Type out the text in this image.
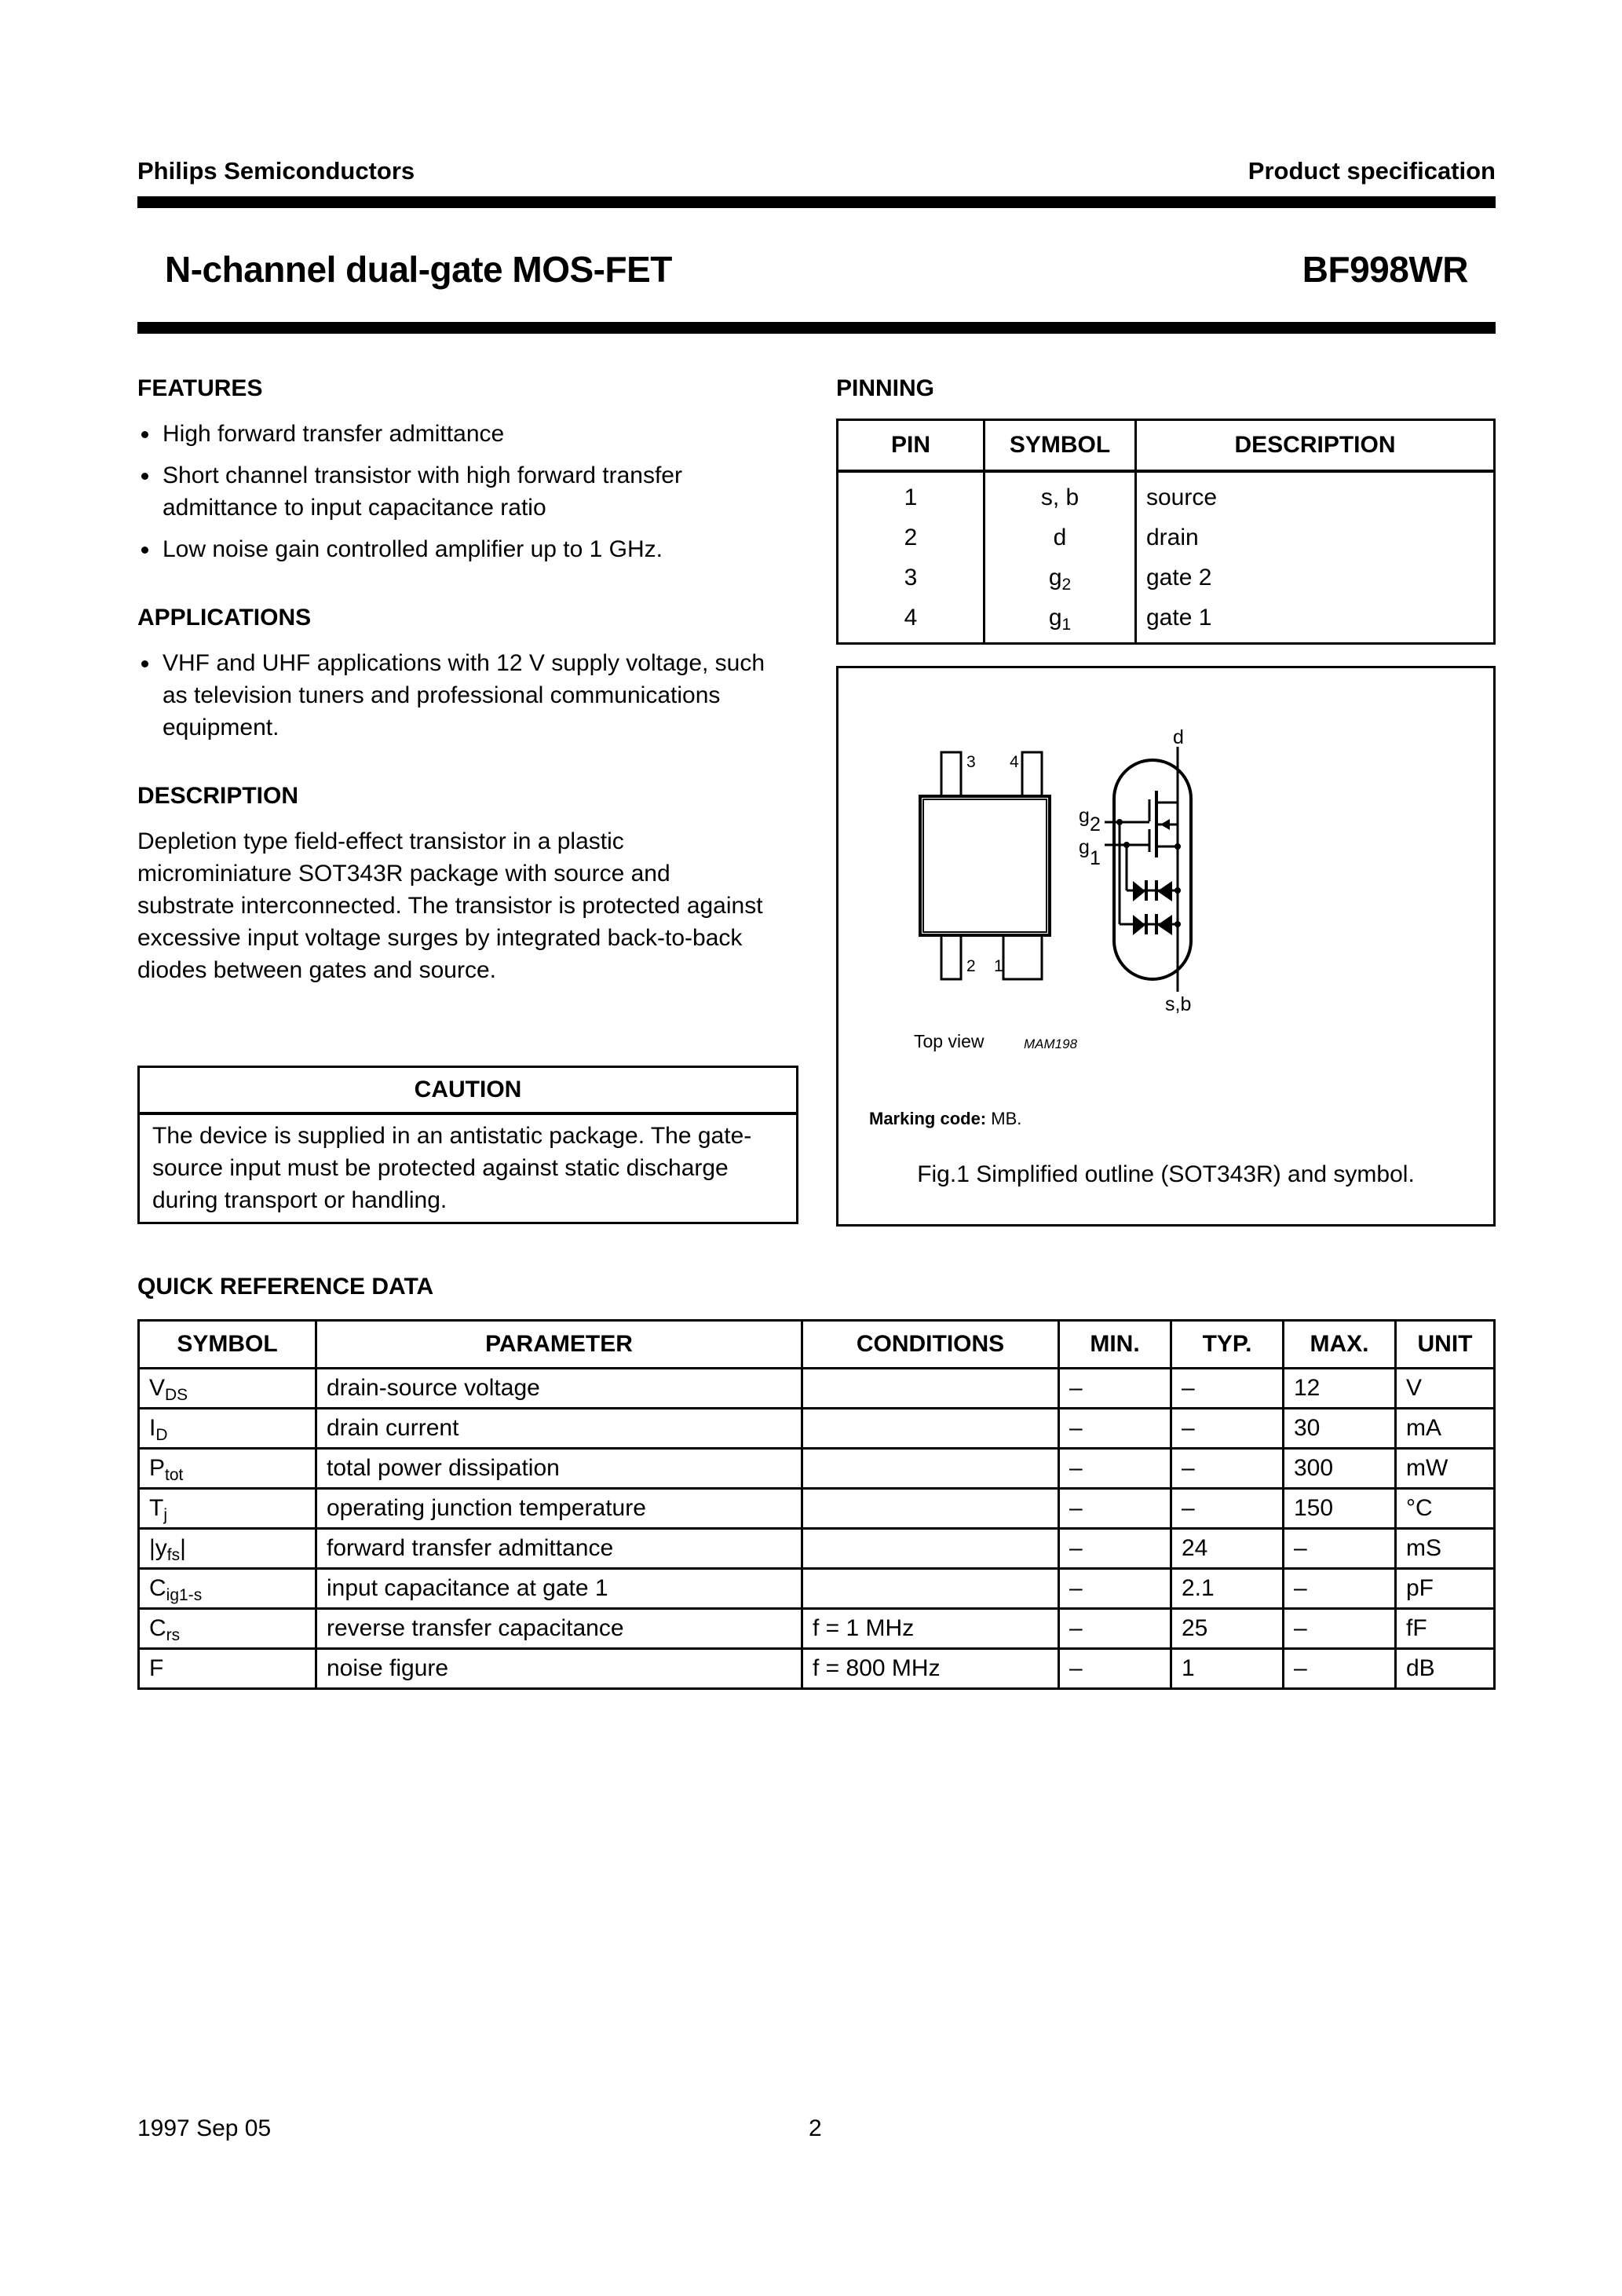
Philips Semiconductors	Product specification
N-channel dual-gate MOS-FET	BF998WR
FEATURES
High forward transfer admittance
Short channel transistor with high forward transfer admittance to input capacitance ratio
Low noise gain controlled amplifier up to 1 GHz.
APPLICATIONS
VHF and UHF applications with 12 V supply voltage, such as television tuners and professional communications equipment.
DESCRIPTION
Depletion type field-effect transistor in a plastic microminiature SOT343R package with source and substrate interconnected. The transistor is protected against excessive input voltage surges by integrated back-to-back diodes between gates and source.
CAUTION
The device is supplied in an antistatic package. The gate-source input must be protected against static discharge during transport or handling.
PINNING
PIN	SYMBOL	DESCRIPTION
1	s, b	source
2	d	drain
3	$g_2$	gate 2
4	$g_1$	gate 1
3 4
2 1
d
g 2
g 1
s,b
Top view	MAM198
Marking code: MB.
Fig.1 Simplified outline (SOT343R) and symbol.
QUICK REFERENCE DATA
SYMBOL	PARAMETER	CONDITIONS	MIN.	TYP.	MAX.	UNIT
$V_{DS}$	drain-source voltage		–	–	12	V
$I_D$	drain current		–	–	30	mA
$P_{tot}$	total power dissipation		–	–	300	mW
$T_j$	operating junction temperature		–	–	150	°C
$|y_{fs}|$	forward transfer admittance		–	24	–	mS
$C_{ig1-s}$	input capacitance at gate 1		–	2.1	–	pF
$C_{rs}$	reverse transfer capacitance	f = 1 MHz	–	25	–	fF
F	noise figure	f = 800 MHz	–	1	–	dB
1997 Sep 05	2
